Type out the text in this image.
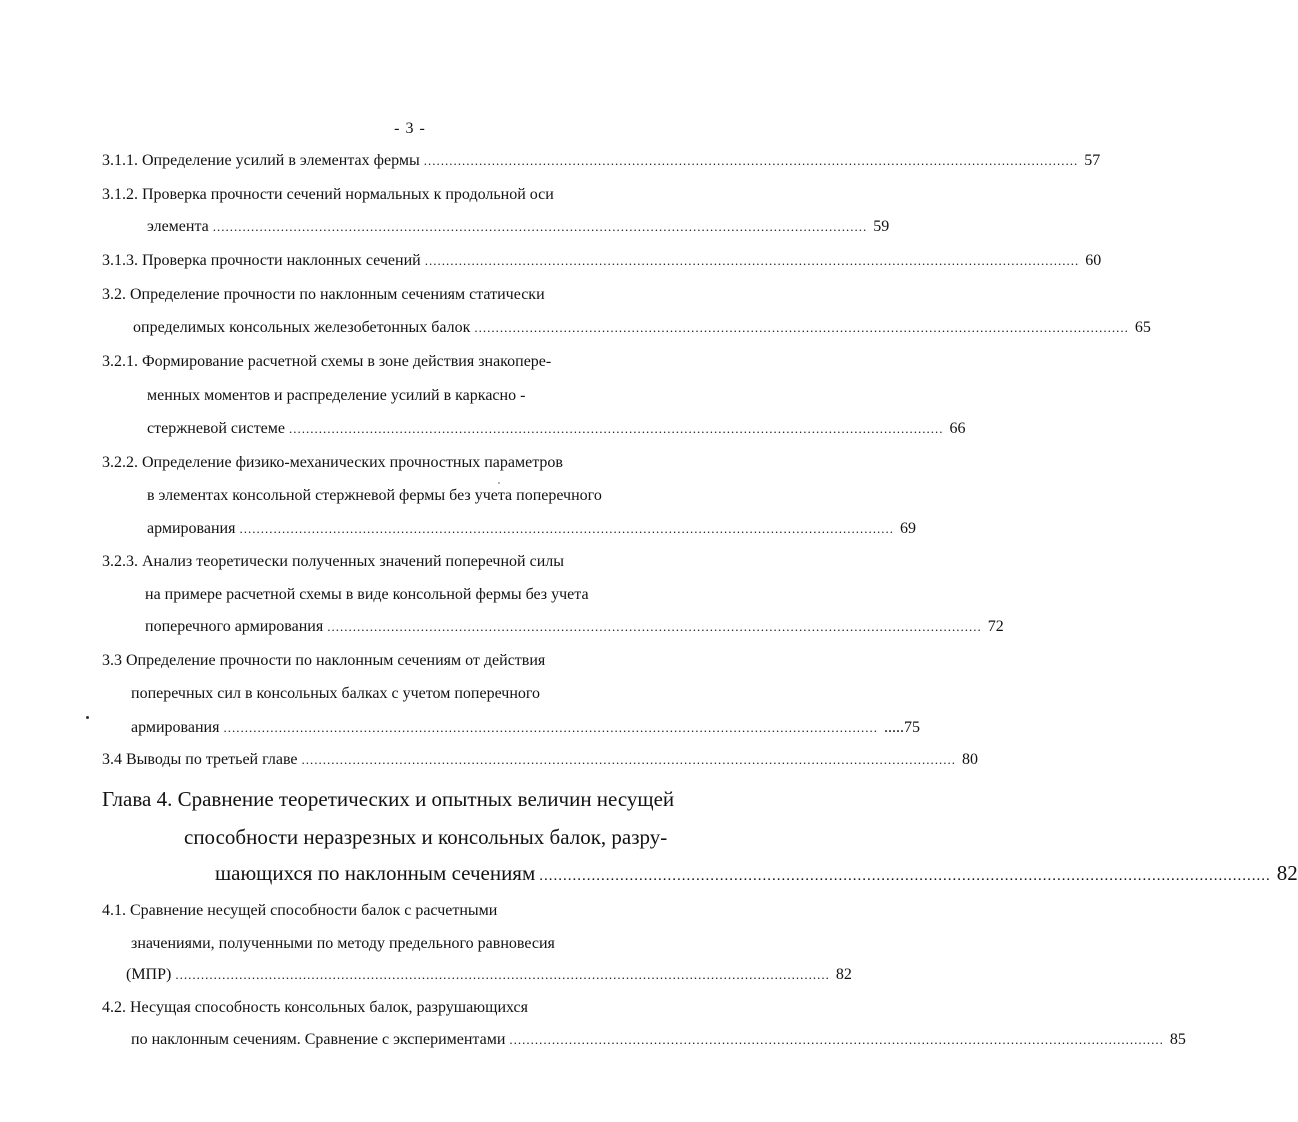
- 3 -
3.1.1. Определение усилий в элементах фермы .......................................................................................................................................................... 57
3.1.2. Проверка прочности сечений нормальных к продольной оси
элемента .......................................................................................................................................................... 59
3.1.3. Проверка прочности наклонных сечений .......................................................................................................................................................... 60
3.2. Определение прочности по наклонным сечениям статически
определимых консольных железобетонных балок .......................................................................................................................................................... 65
3.2.1. Формирование расчетной схемы в зоне действия знакопере-
менных моментов и распределение усилий в каркасно -
стержневой системе .......................................................................................................................................................... 66
3.2.2. Определение физико-механических прочностных параметров
в элементах консольной стержневой фермы без учета поперечного
армирования .......................................................................................................................................................... 69
3.2.3. Анализ теоретически полученных значений поперечной силы
на примере расчетной схемы в виде консольной фермы без учета
поперечного армирования .......................................................................................................................................................... 72
3.3 Определение прочности по наклонным сечениям от действия
поперечных сил в консольных балках с учетом поперечного
армирования .......................................................................................................................................................... .....75
3.4 Выводы по третьей главе .......................................................................................................................................................... 80
Глава 4. Сравнение теоретических и опытных величин несущей
способности неразрезных и консольных балок, разру-
шающихся по наклонным сечениям .......................................................................................................................................................... 82
4.1. Сравнение несущей способности балок с расчетными
значениями, полученными по методу предельного равновесия
(МПР) .......................................................................................................................................................... 82
4.2. Несущая способность консольных балок, разрушающихся
по наклонным сечениям. Сравнение с экспериментами .......................................................................................................................................................... 85
